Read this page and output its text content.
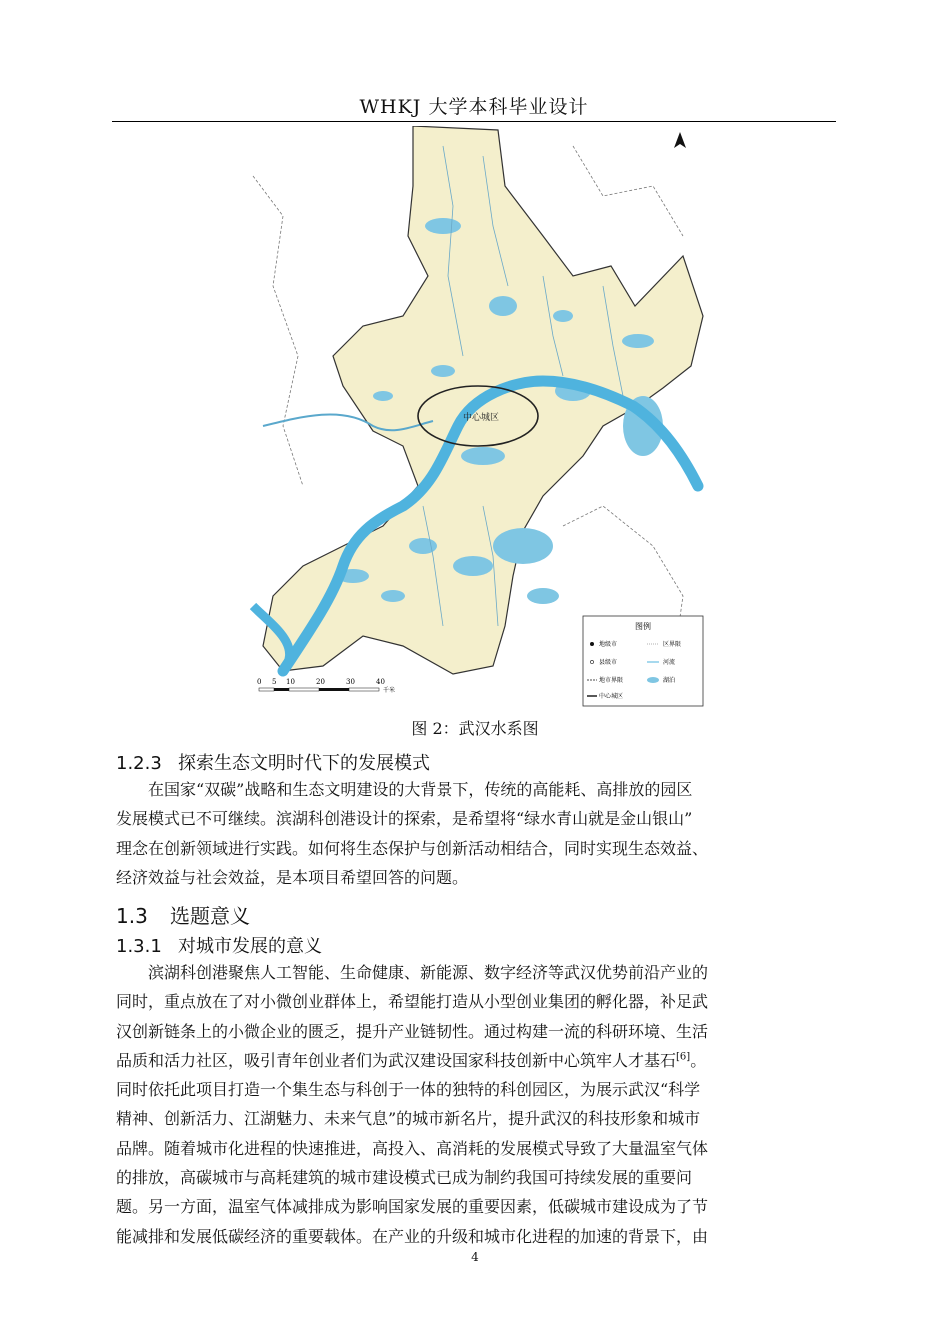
WHKJ 大学本科毕业设计
中心城区
0 5 10	20	30	40
千米
图例
地级市
县级市
地市界限
中心城区
区界限
河流
湖泊
图 2：武汉水系图
1.2.3 探索生态文明时代下的发展模式
在国家“双碳”战略和生态文明建设的大背景下，传统的高能耗、高排放的园区
发展模式已不可继续。滨湖科创港设计的探索，是希望将“绿水青山就是金山银山”
理念在创新领域进行实践。如何将生态保护与创新活动相结合，同时实现生态效益、
经济效益与社会效益，是本项目希望回答的问题。
1.3 选题意义
1.3.1 对城市发展的意义
滨湖科创港聚焦人工智能、生命健康、新能源、数字经济等武汉优势前沿产业的
同时，重点放在了对小微创业群体上，希望能打造从小型创业集团的孵化器，补足武
汉创新链条上的小微企业的匮乏，提升产业链韧性。通过构建一流的科研环境、生活
品质和活力社区，吸引青年创业者们为武汉建设国家科技创新中心筑牢人才基石[6]。
同时依托此项目打造一个集生态与科创于一体的独特的科创园区，为展示武汉“科学
精神、创新活力、江湖魅力、未来气息”的城市新名片，提升武汉的科技形象和城市
品牌。随着城市化进程的快速推进，高投入、高消耗的发展模式导致了大量温室气体
的排放，高碳城市与高耗建筑的城市建设模式已成为制约我国可持续发展的重要问
题。另一方面，温室气体减排成为影响国家发展的重要因素，低碳城市建设成为了节
能减排和发展低碳经济的重要载体。在产业的升级和城市化进程的加速的背景下，由
4
